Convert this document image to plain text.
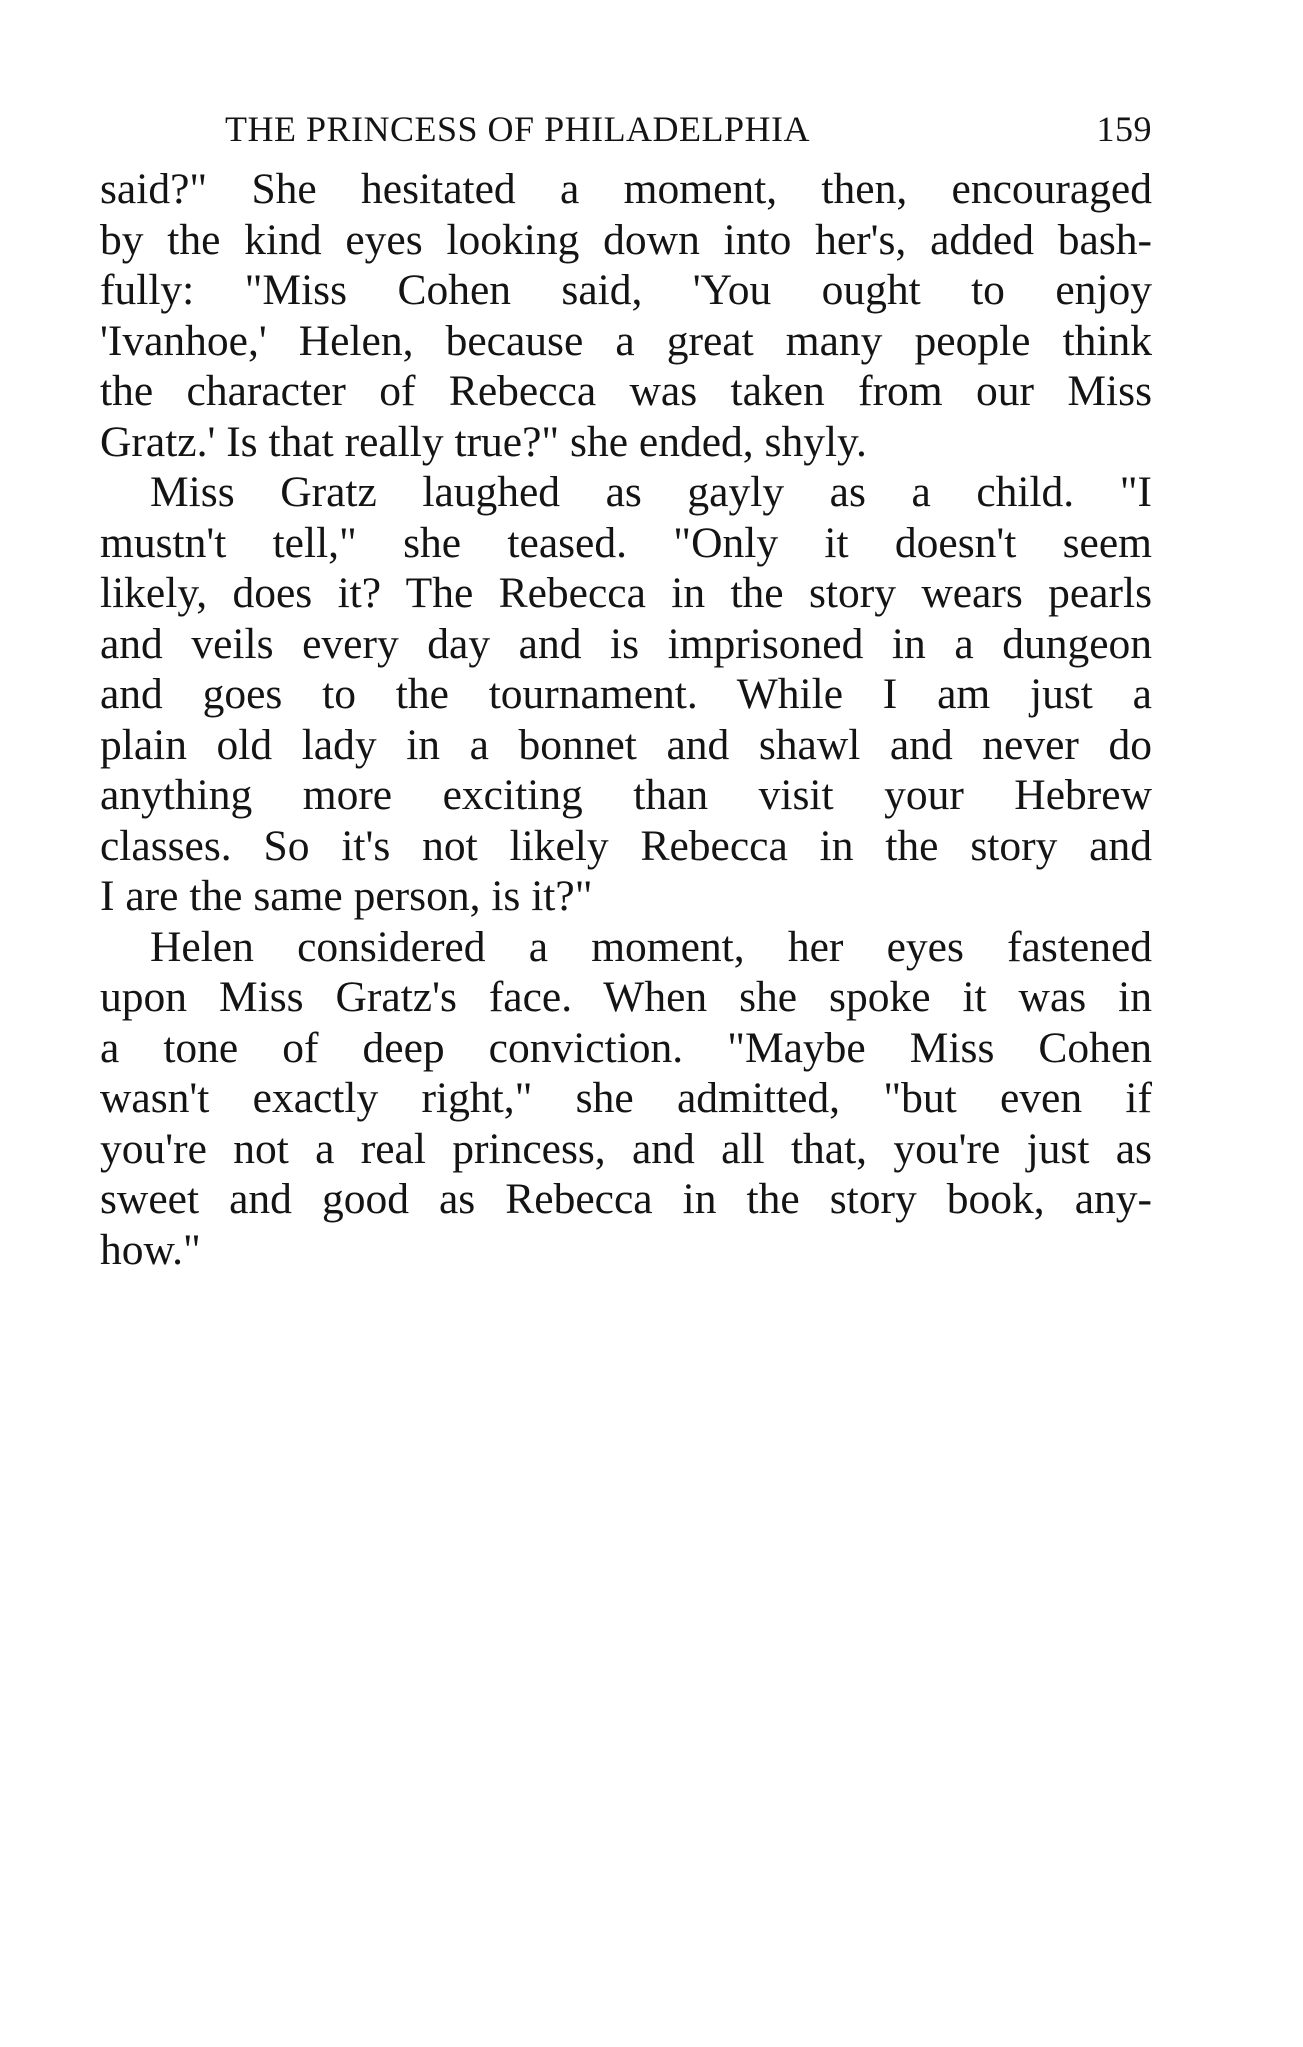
THE PRINCESS OF PHILADELPHIA	159
said?" She hesitated a moment, then, encouraged
by the kind eyes looking down into her's, added bash-
fully: "Miss Cohen said, 'You ought to enjoy
'Ivanhoe,' Helen, because a great many people think
the character of Rebecca was taken from our Miss
Gratz.' Is that really true?" she ended, shyly.
Miss Gratz laughed as gayly as a child. "I
mustn't tell," she teased. "Only it doesn't seem
likely, does it? The Rebecca in the story wears pearls
and veils every day and is imprisoned in a dungeon
and goes to the tournament. While I am just a
plain old lady in a bonnet and shawl and never do
anything more exciting than visit your Hebrew
classes. So it's not likely Rebecca in the story and
I are the same person, is it?"
Helen considered a moment, her eyes fastened
upon Miss Gratz's face. When she spoke it was in
a tone of deep conviction. "Maybe Miss Cohen
wasn't exactly right," she admitted, "but even if
you're not a real princess, and all that, you're just as
sweet and good as Rebecca in the story book, any-
how."
